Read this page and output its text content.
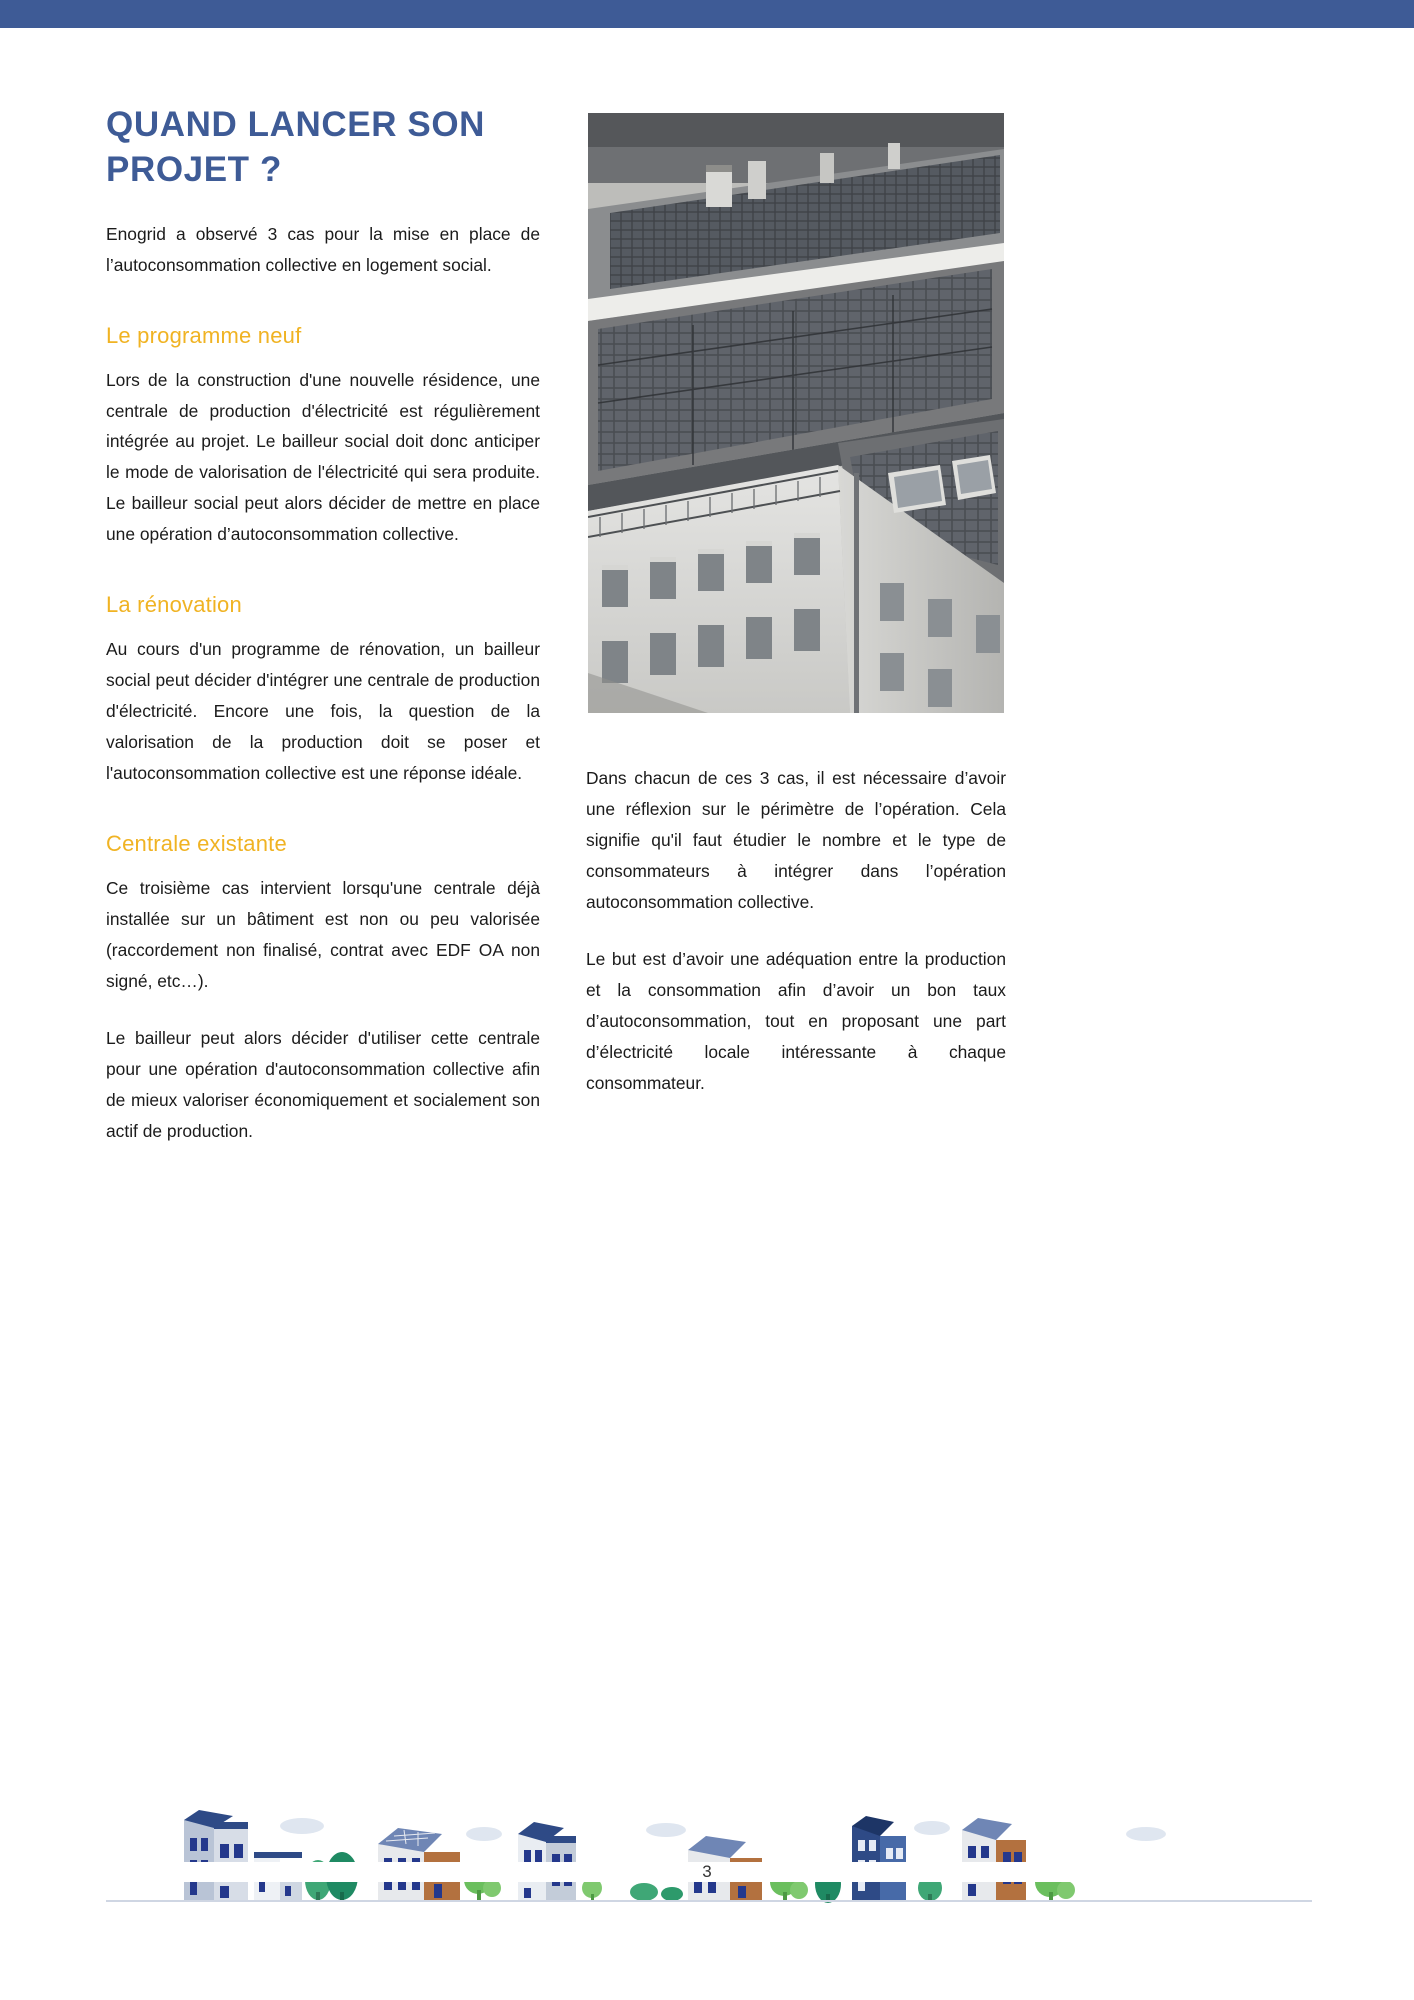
QUAND LANCER SON PROJET ?

Enogrid a observé 3 cas pour la mise en place de l’autoconsommation collective en logement social.

Le programme neuf

Lors de la construction d'une nouvelle résidence, une centrale de production d'électricité est régulièrement intégrée au projet. Le bailleur social doit donc anticiper le mode de valorisation de l'électricité qui sera produite. Le bailleur social peut alors décider de mettre en place une opération d’autoconsommation collective.

La rénovation

Au cours d'un programme de rénovation, un bailleur social peut décider d'intégrer une centrale de production d'électricité. Encore une fois, la question de la valorisation de la production doit se poser et l'autoconsommation collective est une réponse idéale.

Centrale existante

Ce troisième cas intervient lorsqu'une centrale déjà installée sur un bâtiment est non ou peu valorisée (raccordement non finalisé, contrat avec EDF OA non signé, etc…).

Le bailleur peut alors décider d'utiliser cette centrale pour une opération d'autoconsommation collective afin de mieux valoriser économiquement et socialement son actif de production.

Dans chacun de ces 3 cas, il est nécessaire d’avoir une réflexion sur le périmètre de l’opération. Cela signifie qu'il faut étudier le nombre et le type de consommateurs à intégrer dans l’opération autoconsommation collective.

Le but est d’avoir une adéquation entre la production et la consommation afin d’avoir un bon taux d’autoconsommation, tout en proposant une part d’électricité locale intéressante à chaque consommateur.

3
